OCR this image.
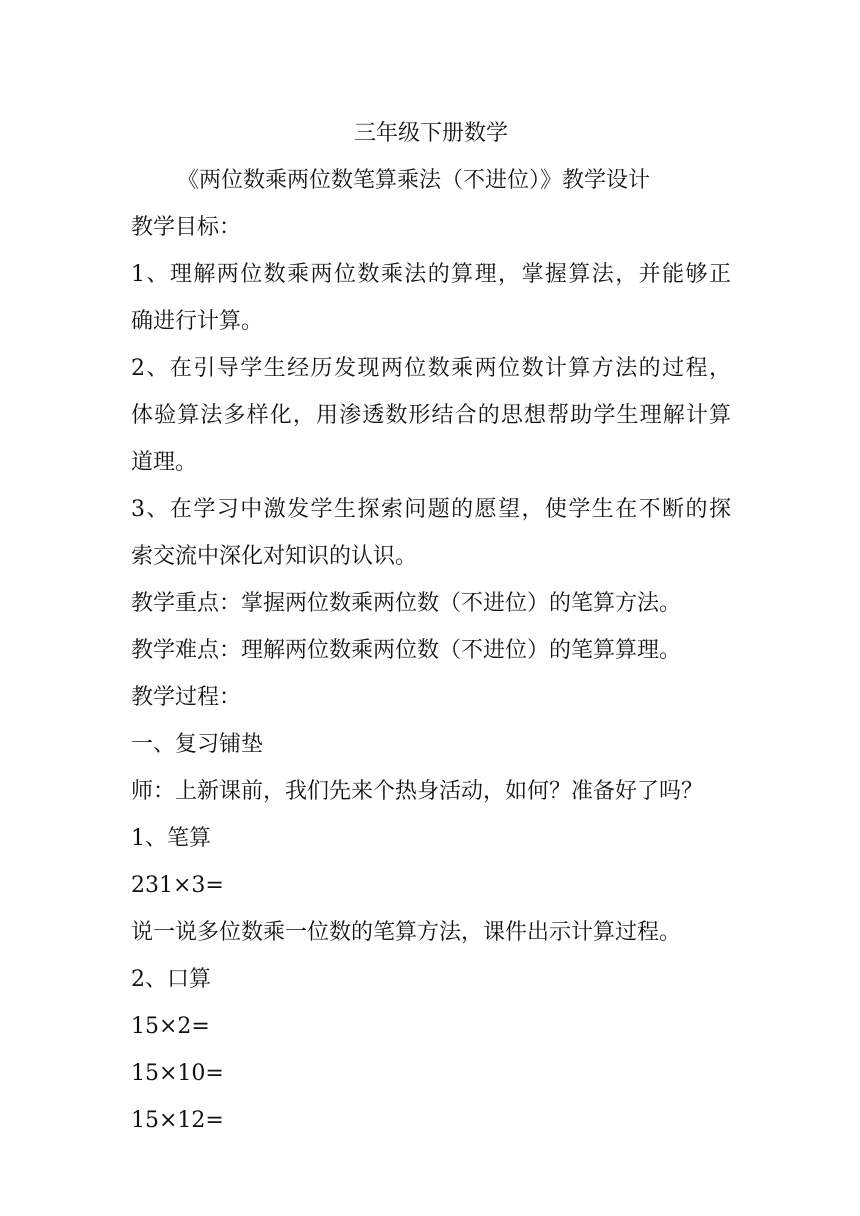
三年级下册数学
《两位数乘两位数笔算乘法（不进位）》教学设计
教学目标：
1、理解两位数乘两位数乘法的算理，掌握算法，并能够正
确进行计算。
2、在引导学生经历发现两位数乘两位数计算方法的过程，
体验算法多样化，用渗透数形结合的思想帮助学生理解计算
道理。
3、在学习中激发学生探索问题的愿望，使学生在不断的探
索交流中深化对知识的认识。
教学重点：掌握两位数乘两位数（不进位）的笔算方法。
教学难点：理解两位数乘两位数（不进位）的笔算算理。
教学过程：
一、复习铺垫
师：上新课前，我们先来个热身活动，如何？准备好了吗？
1、笔算
231×3=
说一说多位数乘一位数的笔算方法，课件出示计算过程。
2、口算
15×2=
15×10=
15×12=
